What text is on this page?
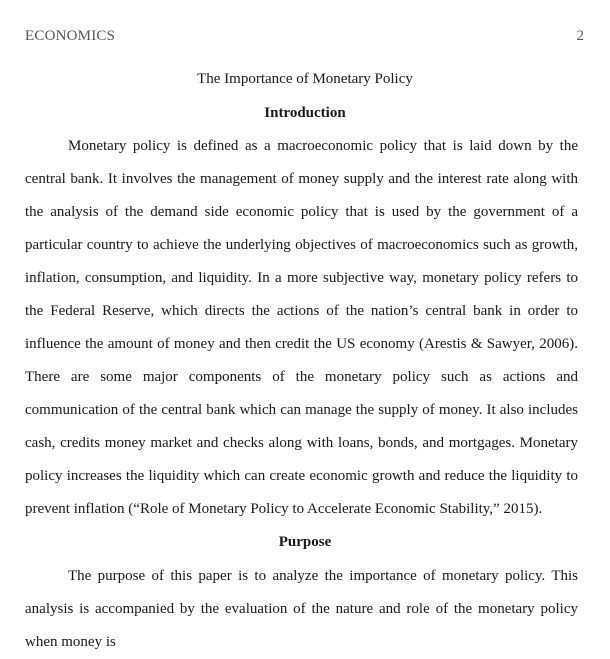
ECONOMICS	2
The Importance of Monetary Policy
Introduction

Monetary policy is defined as a macroeconomic policy that is laid down by the central bank. It involves the management of money supply and the interest rate along with the analysis of the demand side economic policy that is used by the government of a particular country to achieve the underlying objectives of macroeconomics such as growth, inflation, consumption, and liquidity. In a more subjective way, monetary policy refers to the Federal Reserve, which directs the actions of the nation’s central bank in order to influence the amount of money and then credit the US economy (Arestis & Sawyer, 2006). There are some major components of the monetary policy such as actions and communication of the central bank which can manage the supply of money. It also includes cash, credits money market and checks along with loans, bonds, and mortgages. Monetary policy increases the liquidity which can create economic growth and reduce the liquidity to prevent inflation (“Role of Monetary Policy to Accelerate Economic Stability,” 2015).

Purpose

The purpose of this paper is to analyze the importance of monetary policy. This analysis is accompanied by the evaluation of the nature and role of the monetary policy when money is
